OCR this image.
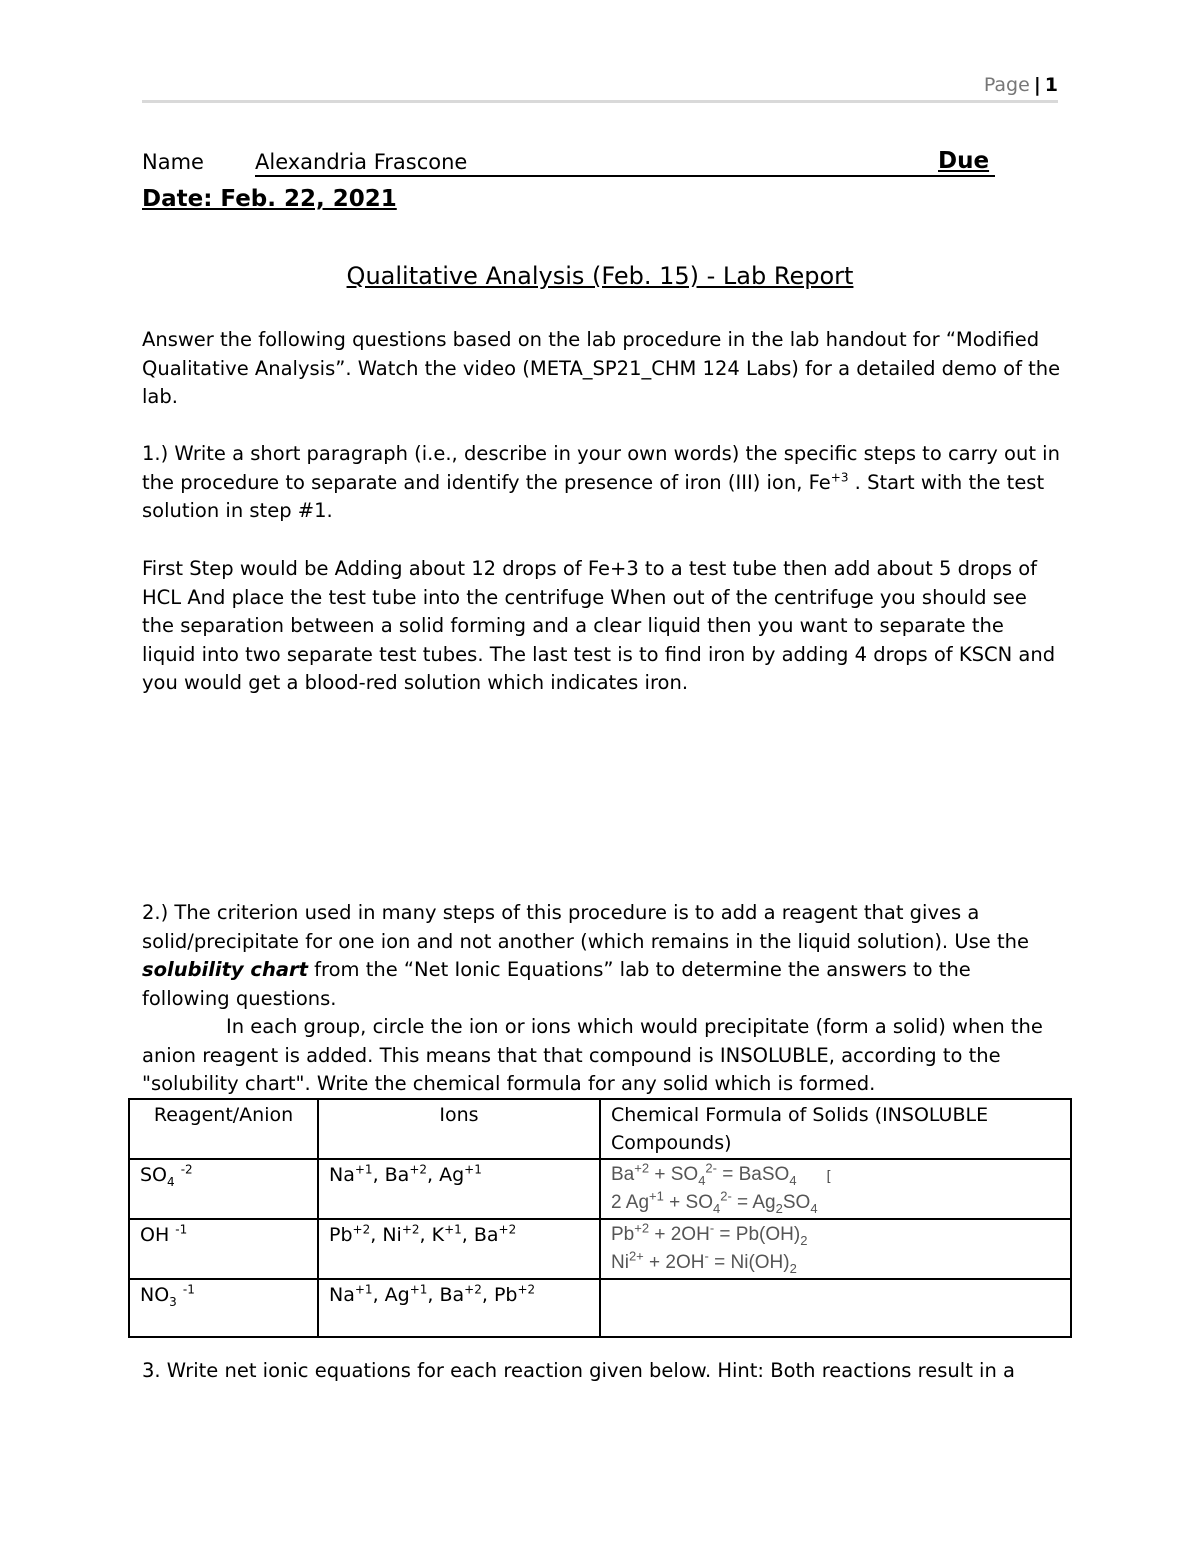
Page | 1
Name Alexandria Frascone	Due
Date: Feb. 22, 2021
Qualitative Analysis (Feb. 15) - Lab Report
Answer the following questions based on the lab procedure in the lab handout for “Modified Qualitative Analysis”. Watch the video (META_SP21_CHM 124 Labs) for a detailed demo of the lab.
1.) Write a short paragraph (i.e., describe in your own words) the specific steps to carry out in the procedure to separate and identify the presence of iron (III) ion, $Fe^{+3}$ . Start with the test solution in step #1.
First Step would be Adding about 12 drops of Fe+3 to a test tube then add about 5 drops of HCL And place the test tube into the centrifuge When out of the centrifuge you should see the separation between a solid forming and a clear liquid then you want to separate the liquid into two separate test tubes. The last test is to find iron by adding 4 drops of KSCN and you would get a blood-red solution which indicates iron.
2.) The criterion used in many steps of this procedure is to add a reagent that gives a solid/precipitate for one ion and not another (which remains in the liquid solution). Use the solubility chart from the “Net Ionic Equations” lab to determine the answers to the following questions.
In each group, circle the ion or ions which would precipitate (form a solid) when the anion reagent is added. This means that that compound is INSOLUBLE, according to the "solubility chart". Write the chemical formula for any solid which is formed.
Reagent/Anion	Ions	Chemical Formula of Solids (INSOLUBLE Compounds)
$SO_4$ $^{-2}$	$Na^{+1}$, $Ba^{+2}$, $Ag^{+1}$	$Ba^{+2} + SO_4^{2-}$ = BaSO$_4$ [
2 $Ag^{+1} + SO_4^{2-} = Ag_2SO_4$

OH $^{-1}$	$Pb^{+2}$, $Ni^{+2}$, $K^{+1}$, $Ba^{+2}$	$Pb^{+2} + 2OH^- = Pb(OH)_2$
$Ni^{2+} + 2OH^- = Ni(OH)_2$

$NO_3$ $^{-1}$	$Na^{+1}$, $Ag^{+1}$, $Ba^{+2}$, $Pb^{+2}$	
3. Write net ionic equations for each reaction given below. Hint: Both reactions result in a
